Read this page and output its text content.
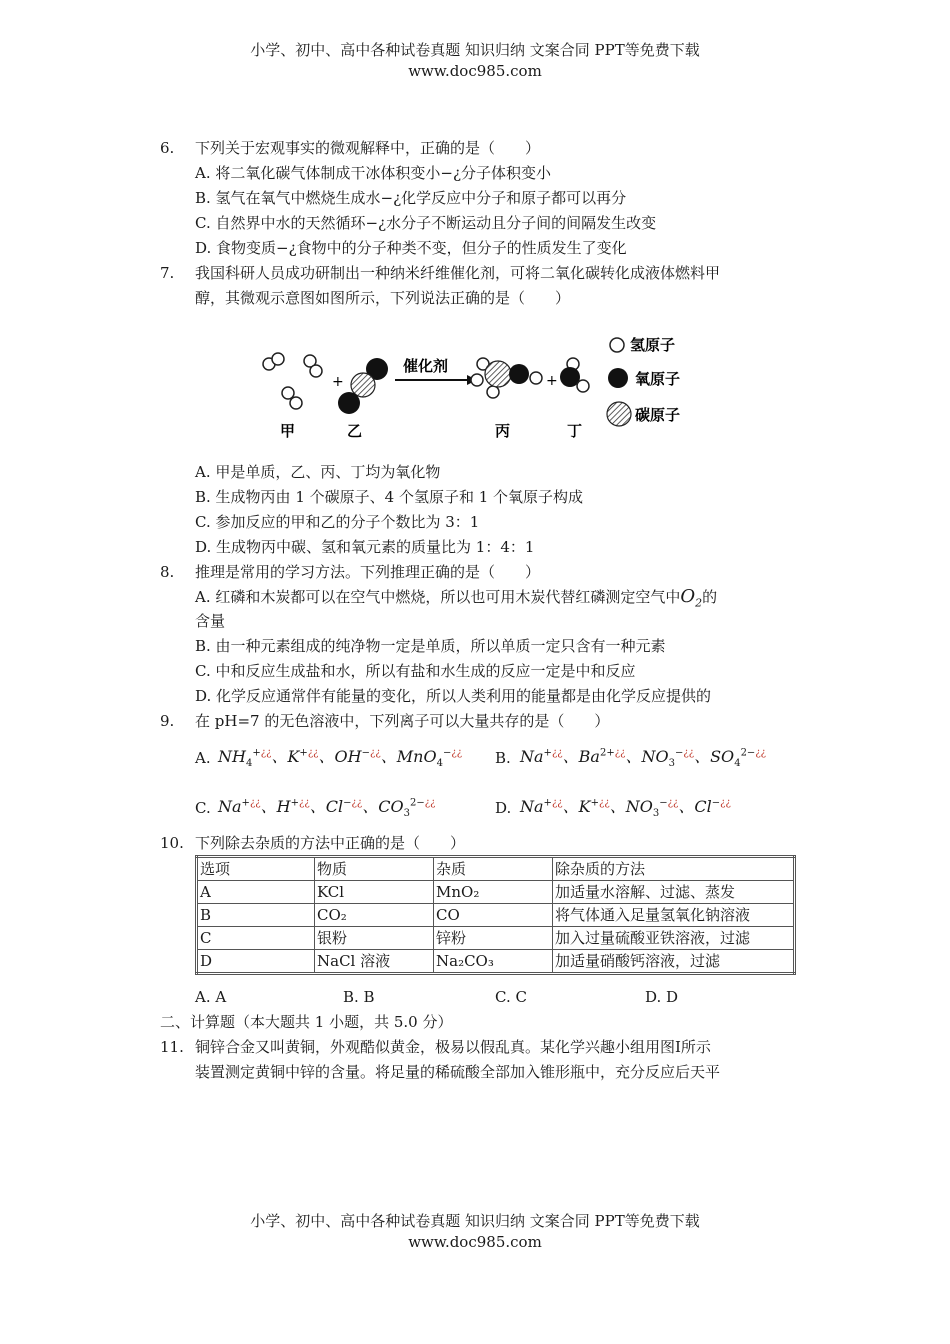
小学、初中、高中各种试卷真题 知识归纳 文案合同 PPT等免费下载
www.doc985.com
6. 下列关于宏观事实的微观解释中，正确的是（　　）
A. 将二氧化碳气体制成干冰体积变小−¿分子体积变小
B. 氢气在氧气中燃烧生成水−¿化学反应中分子和原子都可以再分
C. 自然界中水的天然循环−¿水分子不断运动且分子间的间隔发生改变
D. 食物变质−¿食物中的分子种类不变，但分子的性质发生了变化
7. 我国科研人员成功研制出一种纳米纤维催化剂，可将二氧化碳转化成液体燃料甲
醇，其微观示意图如图所示，下列说法正确的是（　　）
+
催化剂
+
甲	乙	丙	丁
氢原子
氧原子
碳原子
A. 甲是单质，乙、丙、丁均为氧化物
B. 生成物丙由 1 个碳原子、4 个氢原子和 1 个氧原子构成
C. 参加反应的甲和乙的分子个数比为 3：1
D. 生成物丙中碳、氢和氧元素的质量比为 1：4：1
8. 推理是常用的学习方法。下列推理正确的是（　　）
A. 红磷和木炭都可以在空气中燃烧，所以也可用木炭代替红磷测定空气中$O_2$的
含量
B. 由一种元素组成的纯净物一定是单质，所以单质一定只含有一种元素
C. 中和反应生成盐和水，所以有盐和水生成的反应一定是中和反应
D. 化学反应通常伴有能量的变化，所以人类利用的能量都是由化学反应提供的
9. 在 pH=7 的无色溶液中，下列离子可以大量共存的是（　　）
A. $NH_4^{+¿¿}$、K+¿¿、OH−¿¿、MnO$_4$−¿¿ B. Na+¿¿、$Ba^{2+¿¿}$、$NO_3^{-¿¿}$、$SO_4^{2-¿¿}$
C. Na+¿¿、H+¿¿、Cl−¿¿、$CO_3^{2-¿¿}$	D. Na+¿¿、K+¿¿、$NO_3^{-¿¿}$、Cl−¿¿
10. 下列除去杂质的方法中正确的是（　　）
选项	物质	杂质	除杂质的方法
A	KCl	MnO₂	加适量水溶解、过滤、蒸发
B	CO₂	CO	将气体通入足量氢氧化钠溶液
C	银粉	锌粉	加入过量硫酸亚铁溶液，过滤
D	NaCl 溶液	Na₂CO₃	加适量硝酸钙溶液，过滤
A. A	B. B	C. C	D. D
二、计算题（本大题共 1 小题，共 5.0 分）
11. 铜锌合金又叫黄铜，外观酷似黄金，极易以假乱真。某化学兴趣小组用图Ⅰ所示
装置测定黄铜中锌的含量。将足量的稀硫酸全部加入锥形瓶中，充分反应后天平
小学、初中、高中各种试卷真题 知识归纳 文案合同 PPT等免费下载
www.doc985.com
